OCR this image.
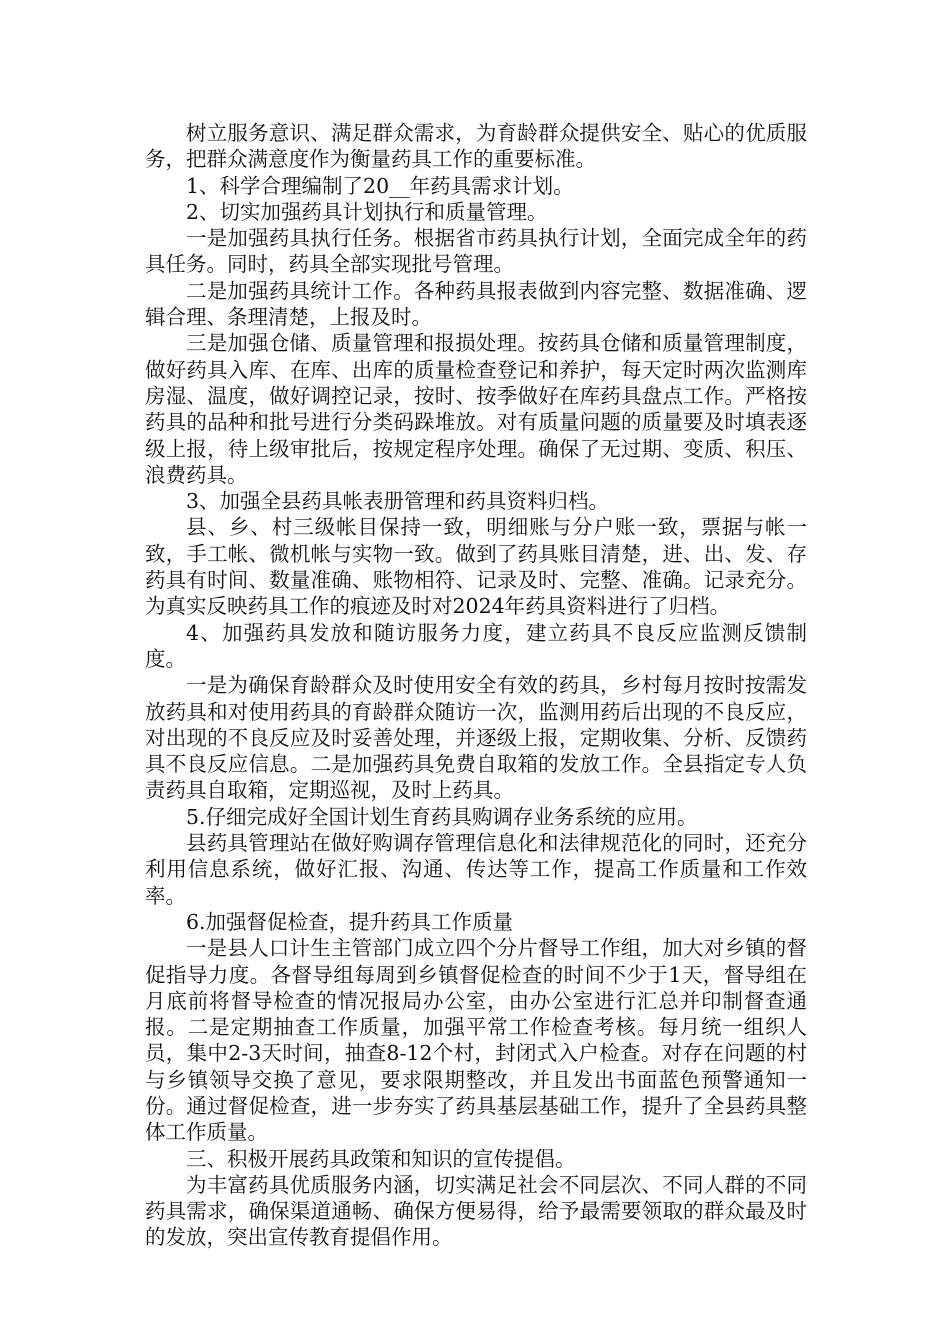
树立服务意识、满足群众需求，为育龄群众提供安全、贴心的优质服务，把群众满意度作为衡量药具工作的重要标准。

1、科学合理编制了20__年药具需求计划。

2、切实加强药具计划执行和质量管理。

一是加强药具执行任务。根据省市药具执行计划，全面完成全年的药具任务。同时，药具全部实现批号管理。

二是加强药具统计工作。各种药具报表做到内容完整、数据准确、逻辑合理、条理清楚，上报及时。

三是加强仓储、质量管理和报损处理。按药具仓储和质量管理制度，做好药具入库、在库、出库的质量检查登记和养护，每天定时两次监测库房湿、温度，做好调控记录，按时、按季做好在库药具盘点工作。严格按药具的品种和批号进行分类码跺堆放。对有质量问题的质量要及时填表逐级上报，待上级审批后，按规定程序处理。确保了无过期、变质、积压、浪费药具。

3、加强全县药具帐表册管理和药具资料归档。

县、乡、村三级帐目保持一致，明细账与分户账一致，票据与帐一致，手工帐、微机帐与实物一致。做到了药具账目清楚，进、出、发、存药具有时间、数量准确、账物相符、记录及时、完整、准确。记录充分。为真实反映药具工作的痕迹及时对2024年药具资料进行了归档。

4、加强药具发放和随访服务力度，建立药具不良反应监测反馈制度。

一是为确保育龄群众及时使用安全有效的药具，乡村每月按时按需发放药具和对使用药具的育龄群众随访一次，监测用药后出现的不良反应，对出现的不良反应及时妥善处理，并逐级上报，定期收集、分析、反馈药具不良反应信息。二是加强药具免费自取箱的发放工作。全县指定专人负责药具自取箱，定期巡视，及时上药具。

5.仔细完成好全国计划生育药具购调存业务系统的应用。

县药具管理站在做好购调存管理信息化和法律规范化的同时，还充分利用信息系统，做好汇报、沟通、传达等工作，提高工作质量和工作效率。

6.加强督促检查，提升药具工作质量

一是县人口计生主管部门成立四个分片督导工作组，加大对乡镇的督促指导力度。各督导组每周到乡镇督促检查的时间不少于1天，督导组在月底前将督导检查的情况报局办公室，由办公室进行汇总并印制督查通报。二是定期抽查工作质量，加强平常工作检查考核。每月统一组织人员，集中2-3天时间，抽查8-12个村，封闭式入户检查。对存在问题的村与乡镇领导交换了意见，要求限期整改，并且发出书面蓝色预警通知一份。通过督促检查，进一步夯实了药具基层基础工作，提升了全县药具整体工作质量。

三、积极开展药具政策和知识的宣传提倡。

为丰富药具优质服务内涵，切实满足社会不同层次、不同人群的不同药具需求，确保渠道通畅、确保方便易得，给予最需要领取的群众最及时的发放，突出宣传教育提倡作用。
